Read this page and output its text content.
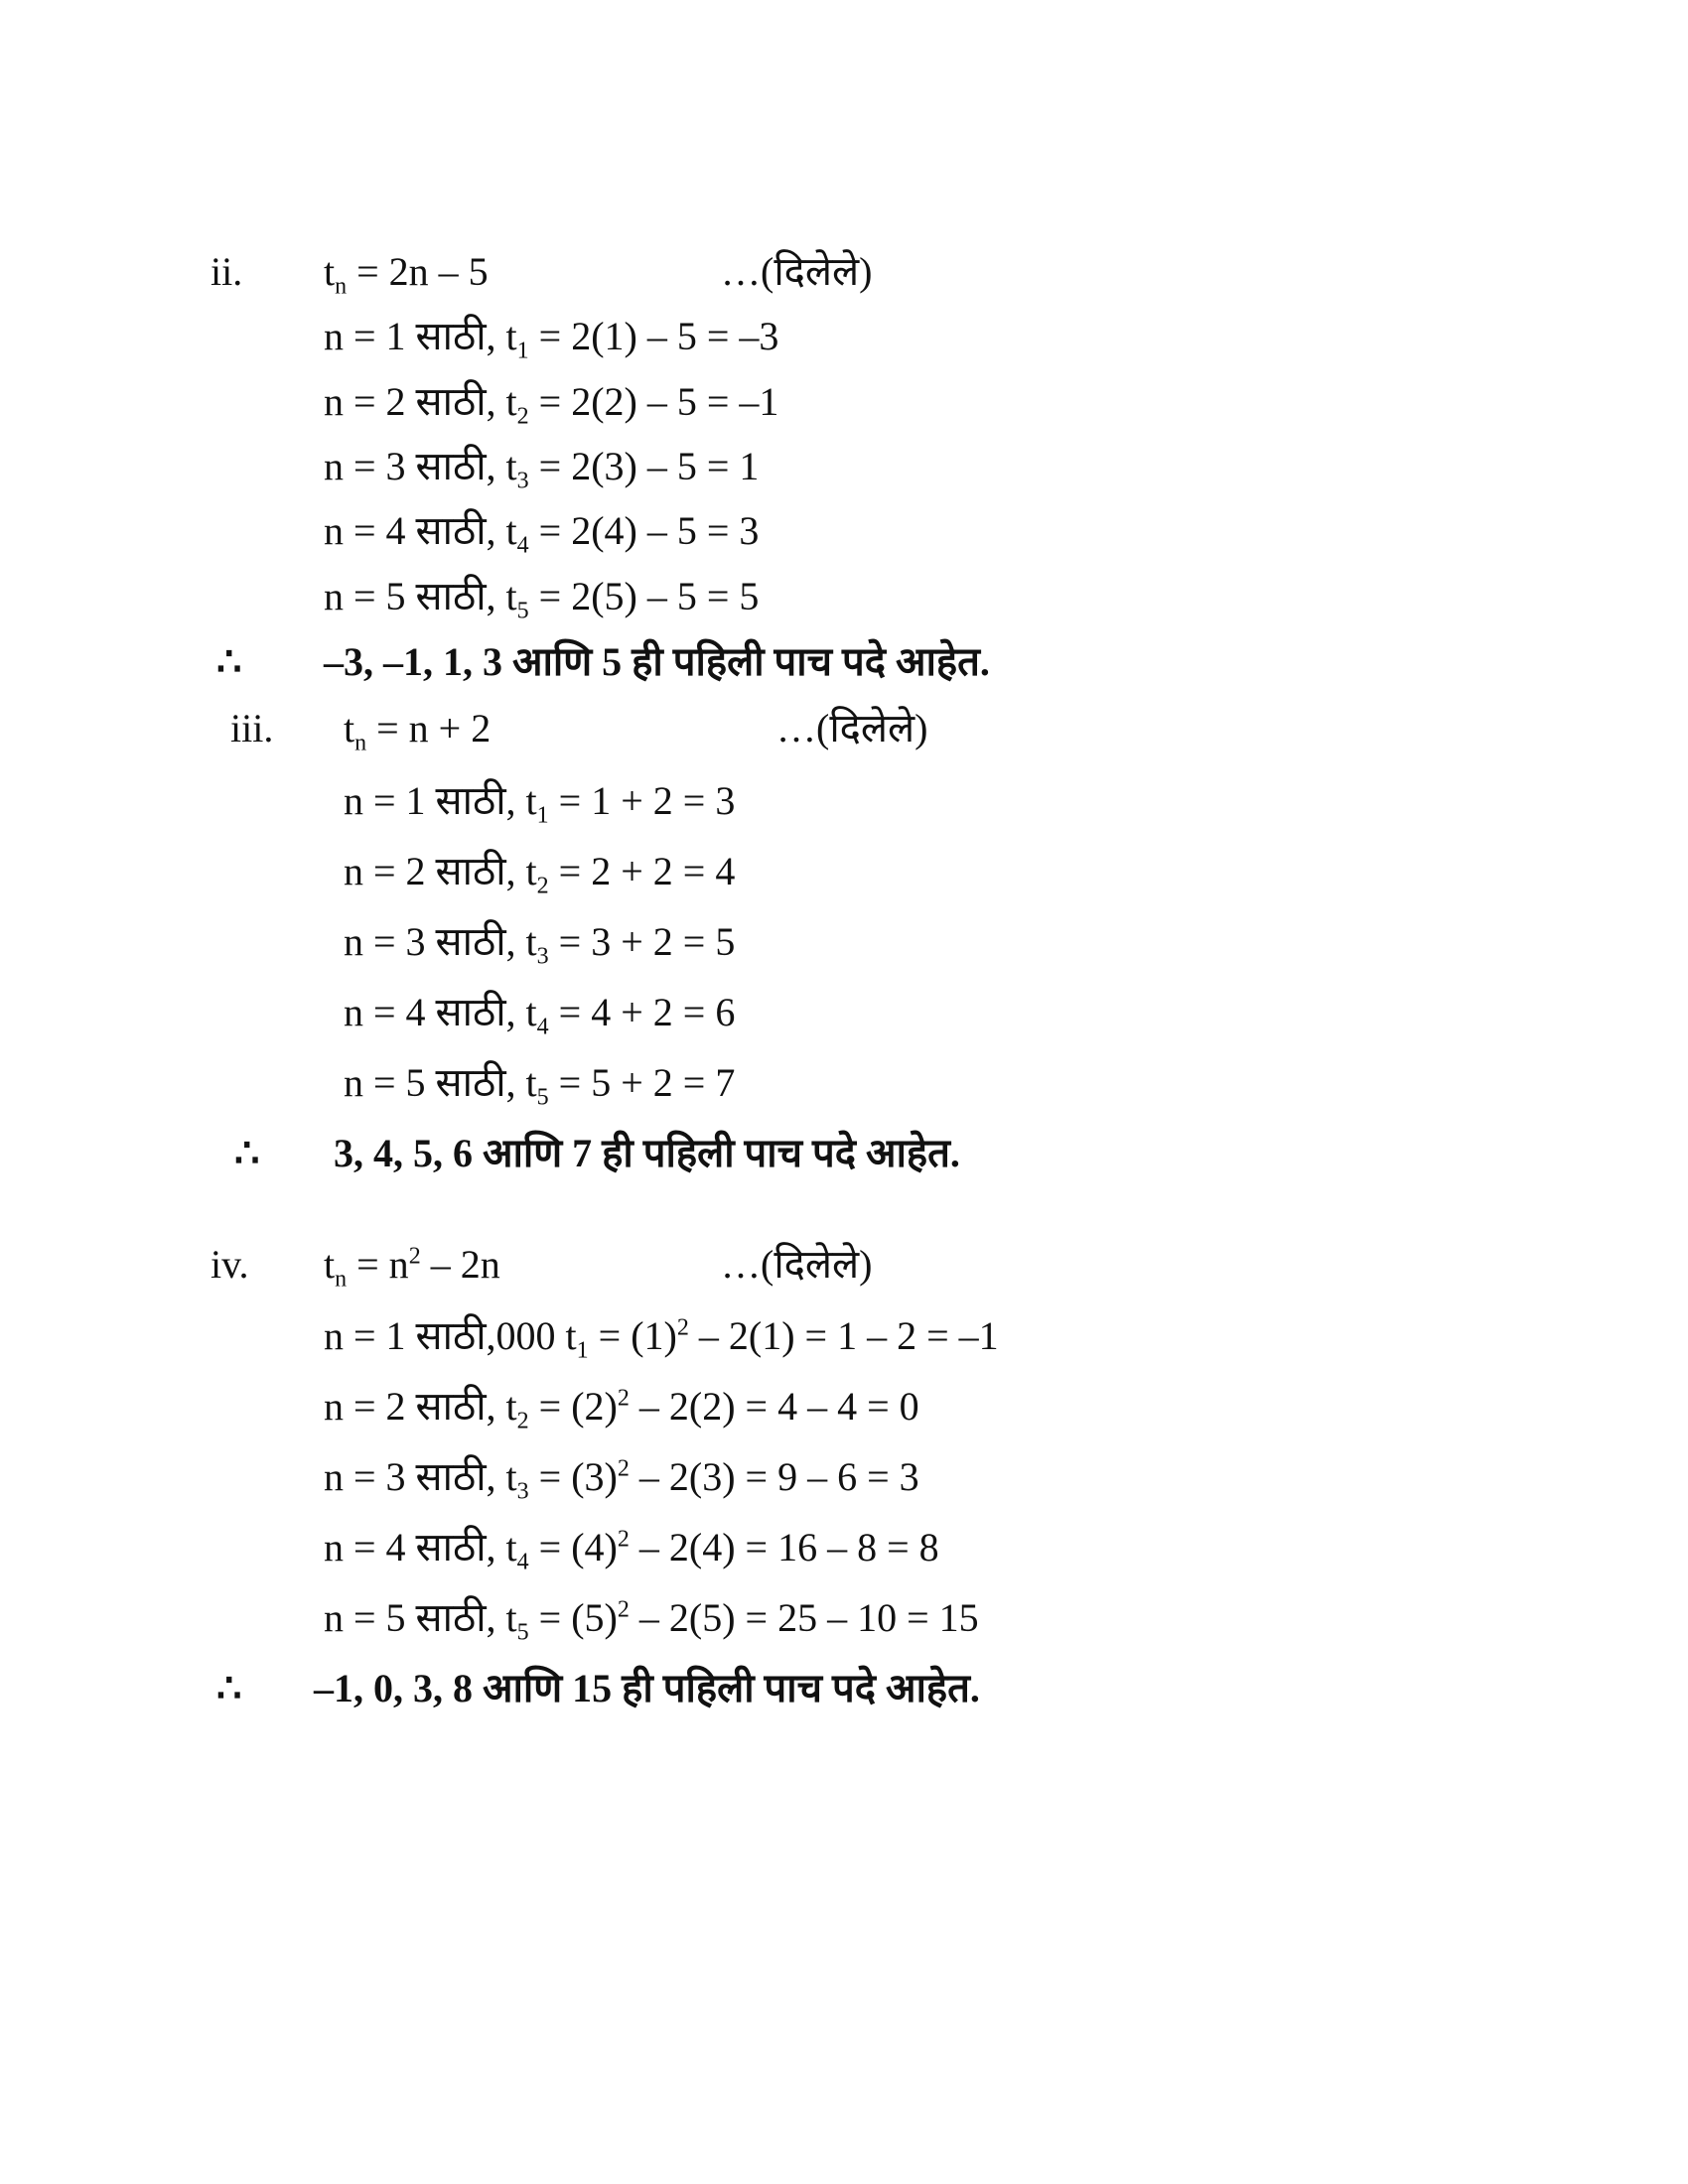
ii. $t_n = 2n - 5$	…(दिलेले)
n = 1 साठी, $t_1 = 2(1) - 5 = -3$
n = 2 साठी, $t_2 = 2(2) - 5 = -1$
n = 3 साठी, $t_3 = 2(3) - 5 = 1$
n = 4 साठी, $t_4 = 2(4) - 5 = 3$
n = 5 साठी, $t_5 = 2(5) - 5 = 5$
∴ –3, –1, 1, 3 आणि 5 ही पहिली पाच पदे आहेत.
iii. $t_n = n + 2$	…(दिलेले)
n = 1 साठी, $t_1 = 1 + 2 = 3$
n = 2 साठी, $t_2 = 2 + 2 = 4$
n = 3 साठी, $t_3 = 3 + 2 = 5$
n = 4 साठी, $t_4 = 4 + 2 = 6$
n = 5 साठी, $t_5 = 5 + 2 = 7$
∴ 3, 4, 5, 6 आणि 7 ही पहिली पाच पदे आहेत.
iv. $t_n = n^2 - 2n$	…(दिलेले)
n = 1 साठी,000 $t_1 = (1)^2 - 2(1) = 1 - 2 = -1$
n = 2 साठी, $t_2 = (2)^2 - 2(2) = 4 - 4 = 0$
n = 3 साठी, $t_3 = (3)^2 - 2(3) = 9 - 6 = 3$
n = 4 साठी, $t_4 = (4)^2 - 2(4) = 16 - 8 = 8$
n = 5 साठी, $t_5 = (5)^2 - 2(5) = 25 - 10 = 15$
∴ –1, 0, 3, 8 आणि 15 ही पहिली पाच पदे आहेत.
